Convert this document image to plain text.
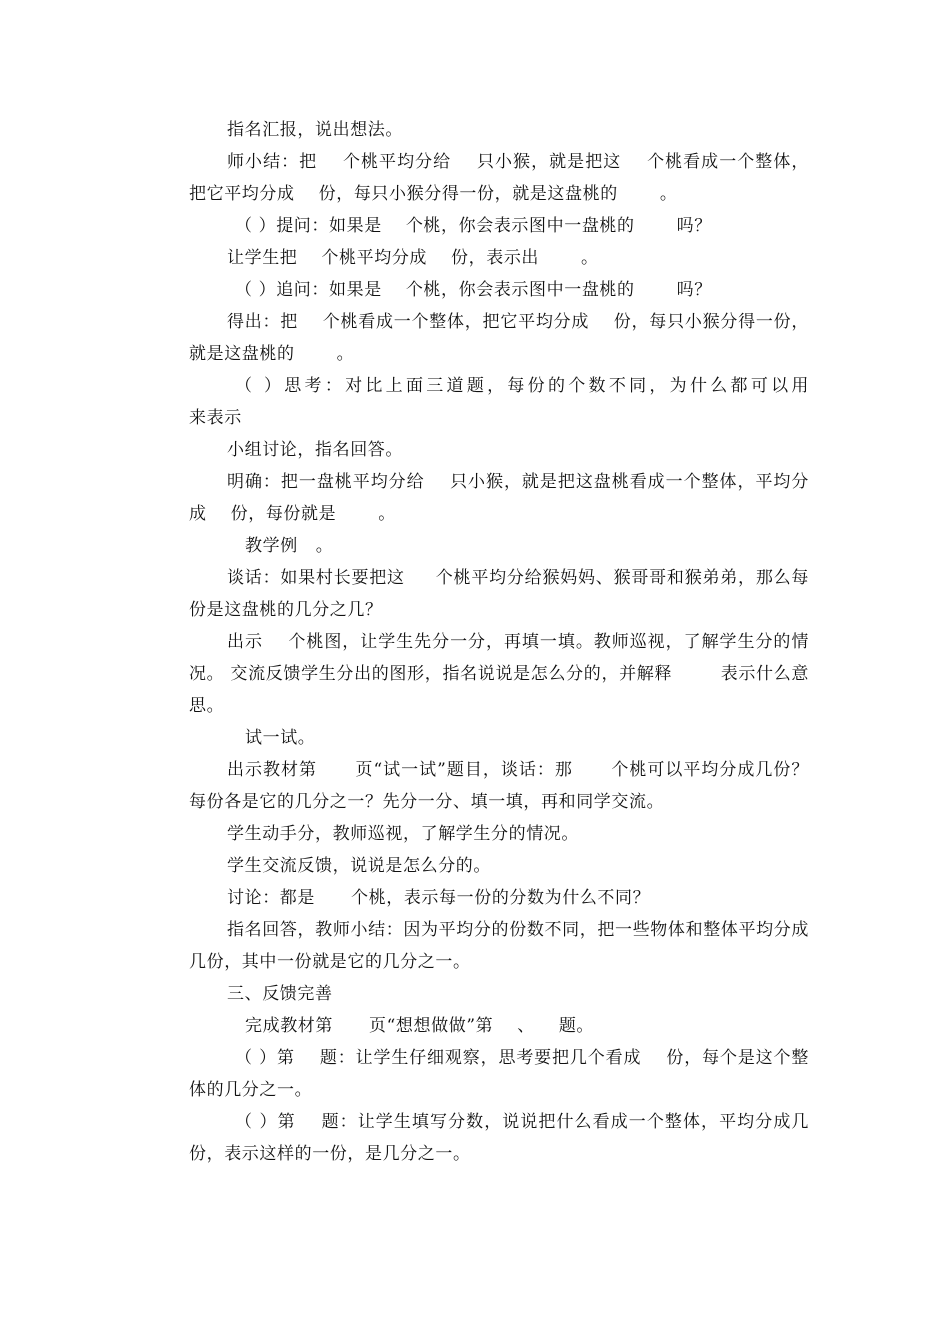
指名汇报，说出想法。

师小结：把    个桃平均分给    只小猴，就是把这    个桃看成一个整体，把它平均分成    份，每只小猴分得一份，就是这盘桃的       。

（ ）提问：如果是    个桃，你会表示图中一盘桃的       吗？

让学生把    个桃平均分成    份，表示出       。

（ ）追问：如果是    个桃，你会表示图中一盘桃的       吗？

得出：把    个桃看成一个整体，把它平均分成    份，每只小猴分得一份，就是这盘桃的       。

（ ）思考：对比上面三道题，每份的个数不同，为什么都可以用          来表示

小组讨论，指名回答。

明确：把一盘桃平均分给    只小猴，就是把这盘桃看成一个整体，平均分成    份，每份就是       。

教学例   。

谈话：如果村长要把这     个桃平均分给猴妈妈、猴哥哥和猴弟弟，那么每份是这盘桃的几分之几？

出示    个桃图，让学生先分一分，再填一填。教师巡视，了解学生分的情况。 交流反馈学生分出的图形，指名说说是怎么分的，并解释        表示什么意思。

试一试。

出示教材第      页“试一试”题目，谈话：那      个桃可以平均分成几份？每份各是它的几分之一？先分一分、填一填，再和同学交流。

学生动手分，教师巡视，了解学生分的情况。

学生交流反馈，说说是怎么分的。

讨论：都是      个桃，表示每一份的分数为什么不同？

指名回答，教师小结：因为平均分的份数不同，把一些物体和整体平均分成几份，其中一份就是它的几分之一。

三、反馈完善

完成教材第      页“想想做做”第    、    题。

（ ）第    题：让学生仔细观察，思考要把几个看成    份，每个是这个整体的几分之一。

（ ）第    题：让学生填写分数，说说把什么看成一个整体，平均分成几份，表示这样的一份，是几分之一。
